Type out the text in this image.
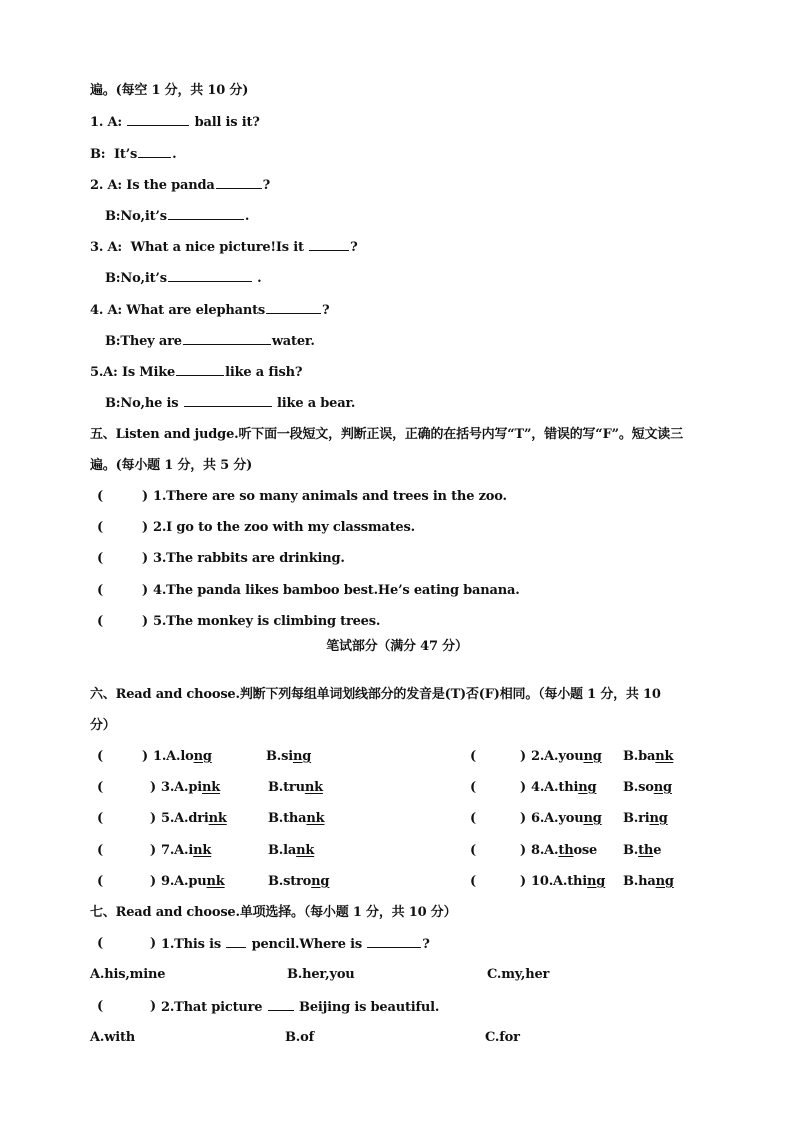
遍。(每空 1 分，共 10 分)
1. A:	ball is it?
B:  It’s	.
2. A: Is the panda	?
B:No,it’s	.
3. A:  What a nice picture!Is it	?
B:No,it’s	.
4. A: What are elephants	?
B:They are	water.
5.A: Is Mike	like a fish?
B:No,he is	like a bear.
五、Listen and judge.听下面一段短文，判断正误，正确的在括号内写“T”，错误的写“F”。短文读三
遍。(每小题 1 分，共 5 分)
(	) 1.There are so many animals and trees in the zoo.
(	) 2.I go to the zoo with my classmates.
(	) 3.The rabbits are drinking.
(	) 4.The panda likes bamboo best.He’s eating banana.
(	) 5.The monkey is climbing trees.
笔试部分（满分 47 分）
六、Read and choose.判断下列每组单词划线部分的发音是(T)否(F)相同。（每小题 1 分，共 10
分）
(	) 1.A.long	B.sing	(	) 2.A.young B.bank
(	) 3.A.pink	B.trunk	(	) 4.A.thing B.song
(	) 5.A.drink	B.thank	(	) 6.A.young B.ring
(	) 7.A.ink	B.lank	(	) 8.A.those B.the
(	) 9.A.punk	B.strong	(	) 10.A.thing B.hang
七、Read and choose.单项选择。（每小题 1 分，共 10 分）
(	) 1.This is pencil.Where is	?
A.his,mine	B.her,you	C.my,her
(	) 2.That picture	Beijing is beautiful.
A.with	B.of	C.for
